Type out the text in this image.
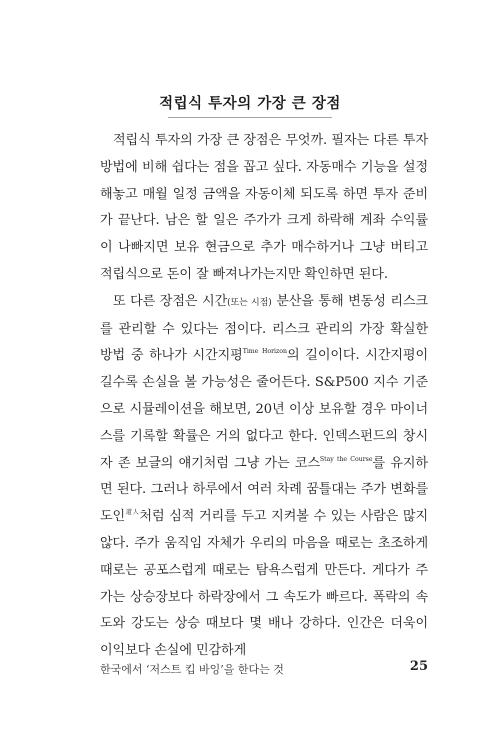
적립식 투자의 가장 큰 장점

적립식 투자의 가장 큰 장점은 무엇까. 필자는 다른 투자 방법에 비해 쉽다는 점을 꼽고 싶다. 자동매수 기능을 설정해놓고 매월 일정 금액을 자동이체 되도록 하면 투자 준비가 끝난다. 남은 할 일은 주가가 크게 하락해 계좌 수익률이 나빠지면 보유 현금으로 추가 매수하거나 그냥 버티고 적립식으로 돈이 잘 빠져나가는지만 확인하면 된다.

또 다른 장점은 시간(또는 시점) 분산을 통해 변동성 리스크를 관리할 수 있다는 점이다. 리스크 관리의 가장 확실한 방법 중 하나가 시간지평$^{Time Horizon}$의 길이이다. 시간지평이 길수록 손실을 볼 가능성은 줄어든다. S&P500 지수 기준으로 시뮬레이션을 해보면, 20년 이상 보유할 경우 마이너스를 기록할 확률은 거의 없다고 한다. 인덱스펀드의 창시자 존 보글의 얘기처럼 그냥 가는 코스$^{Stay the Course}$를 유지하면 된다. 그러나 하루에서 여러 차례 꿈틀대는 주가 변화를 도인$^{道人}$처럼 심적 거리를 두고 지켜볼 수 있는 사람은 많지 않다. 주가 움직임 자체가 우리의 마음을 때로는 초조하게 때로는 공포스럽게 때로는 탐욕스럽게 만든다. 게다가 주가는 상승장보다 하락장에서 그 속도가 빠르다. 폭락의 속도와 강도는 상승 때보다 몇 배나 강하다. 인간은 더욱이 이익보다 손실에 민감하게

한국에서 ‘저스트 킵 바잉’을 한다는 것	25
